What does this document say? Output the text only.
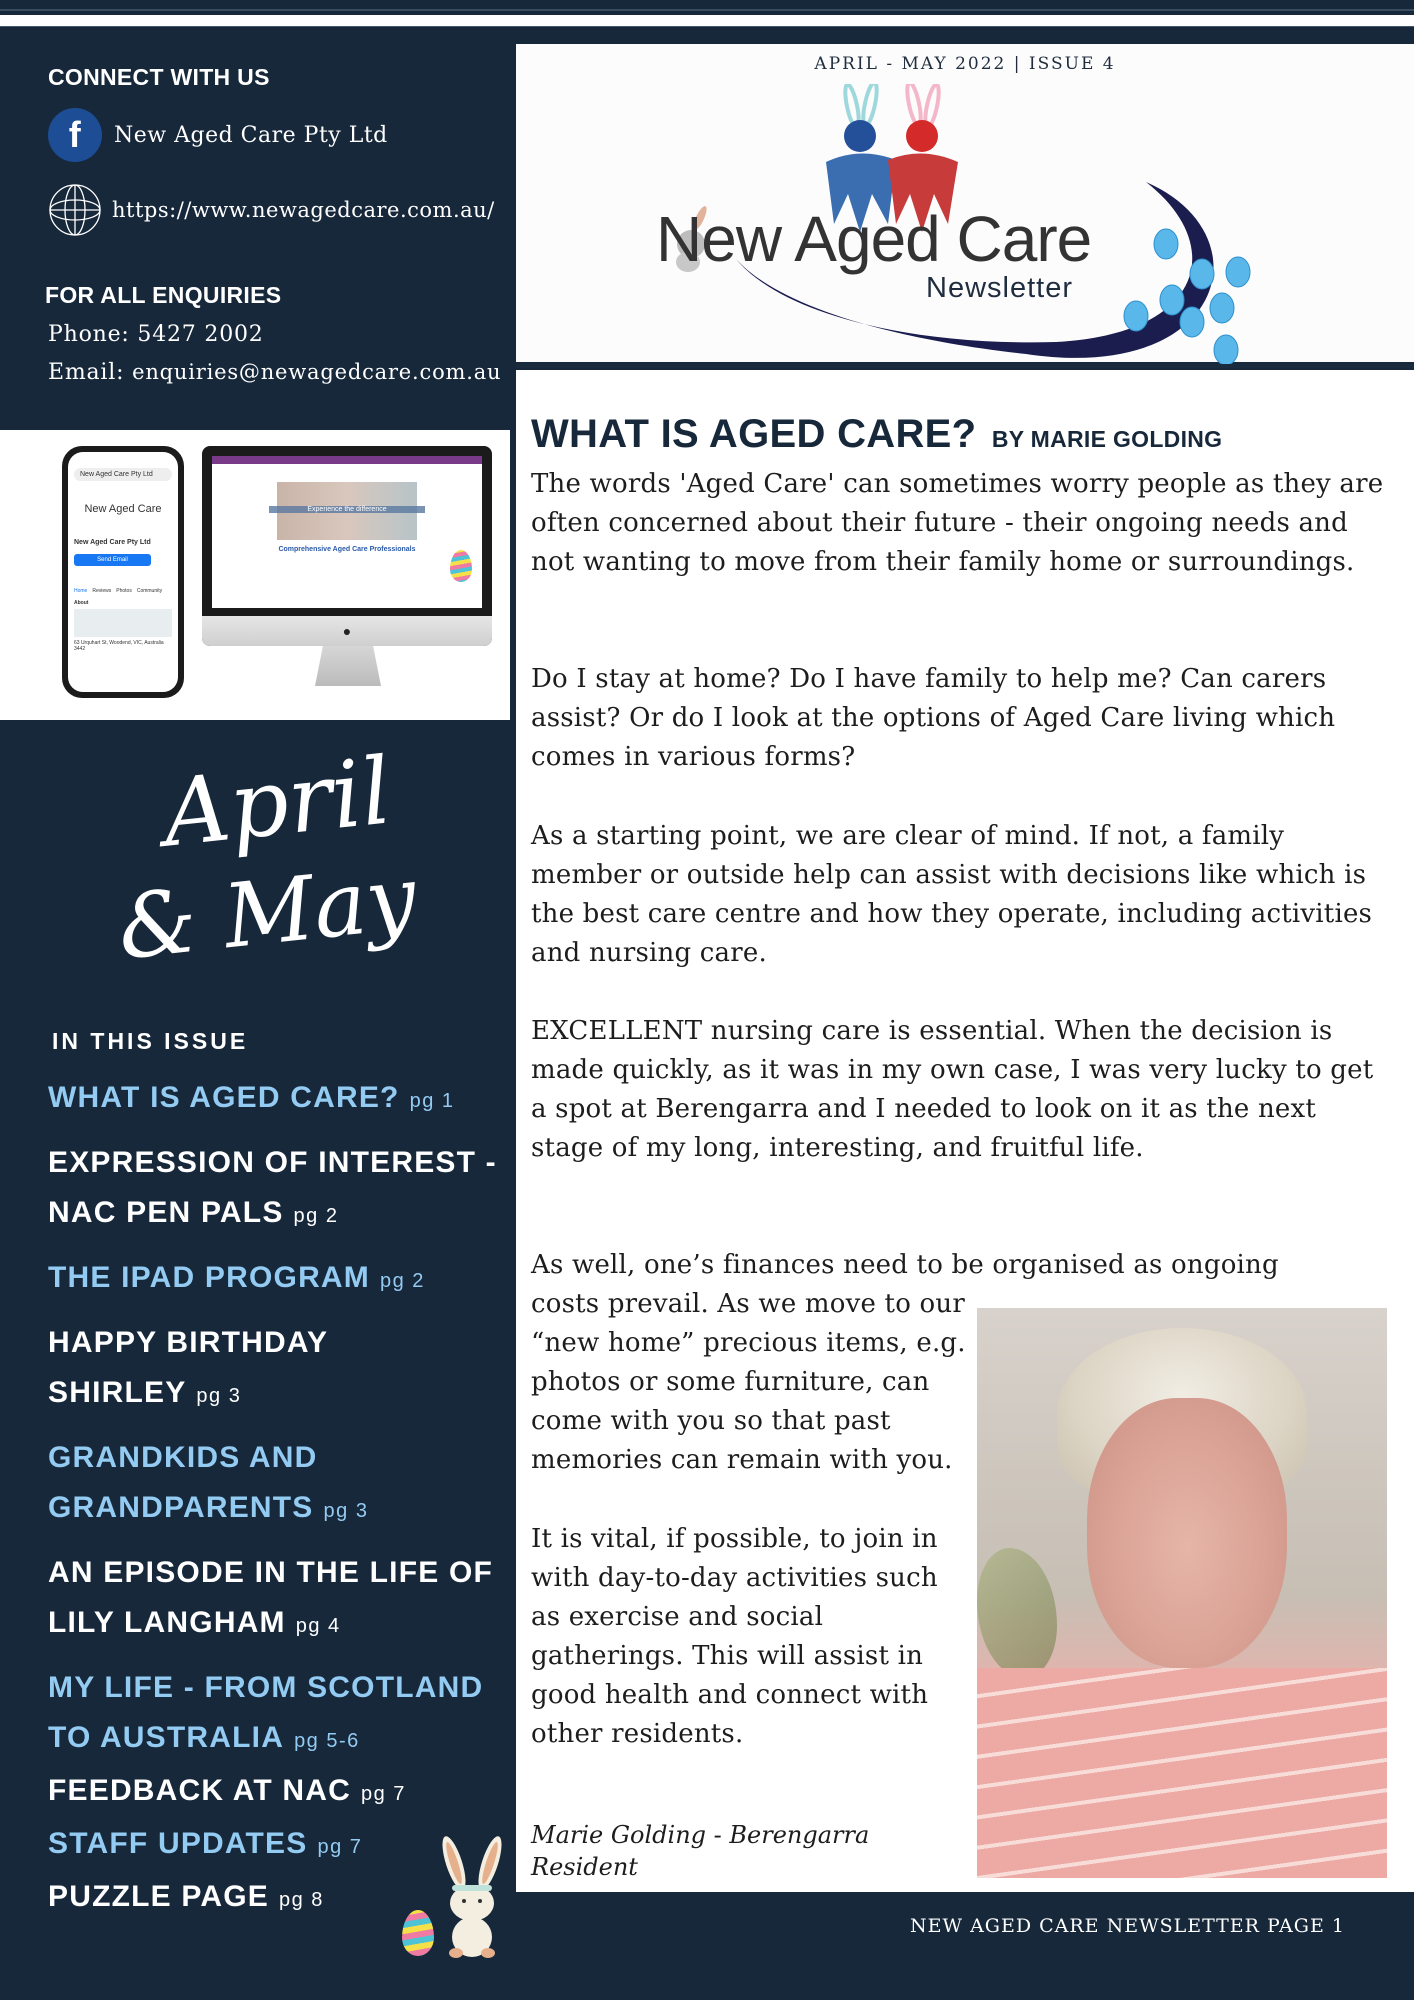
CONNECT WITH US
f	New Aged Care Pty Ltd
https://www.newagedcare.com.au/
FOR ALL ENQUIRIES
Phone: 5427 2002
Email: enquiries@newagedcare.com.au
New Aged Care Pty Ltd
New Aged Care
New Aged Care Pty Ltd
Send Email
Home Reviews Photos Community
About
63 Urquhart St, Woodend, VIC, Australia 3442
Experience the difference
Comprehensive Aged Care Professionals
●
April
& May
IN THIS ISSUE
WHAT IS AGED CARE? pg 1
EXPRESSION OF INTEREST - NAC PEN PALS pg 2
THE IPAD PROGRAM pg 2
HAPPY BIRTHDAY SHIRLEY pg 3
GRANDKIDS AND GRANDPARENTS pg 3
AN EPISODE IN THE LIFE OF LILY LANGHAM pg 4
MY LIFE - FROM SCOTLAND TO AUSTRALIA pg 5-6
FEEDBACK AT NAC pg 7
STAFF UPDATES pg 7
PUZZLE PAGE pg 8
APRIL - MAY 2022 | ISSUE 4
New Aged Care
Newsletter
WHAT IS AGED CARE? BY MARIE GOLDING

The words 'Aged Care' can sometimes worry people as they are often concerned about their future - their ongoing needs and not wanting to move from their family home or surroundings.

Do I stay at home? Do I have family to help me? Can carers assist? Or do I look at the options of Aged Care living which comes in various forms?

As a starting point, we are clear of mind. If not, a family member or outside help can assist with decisions like which is the best care centre and how they operate, including activities and nursing care.

EXCELLENT nursing care is essential. When the decision is made quickly, as it was in my own case, I was very lucky to get a spot at Berengarra and I needed to look on it as the next stage of my long, interesting, and fruitful life.

As well, one’s finances need to be organised as ongoing

costs prevail. As we move to our “new home” precious items, e.g. photos or some furniture, can come with you so that past memories can remain with you.

It is vital, if possible, to join in with day-to-day activities such as exercise and social gatherings. This will assist in good health and connect with other residents.

Marie Golding - Berengarra Resident
NEW AGED CARE NEWSLETTER PAGE 1
